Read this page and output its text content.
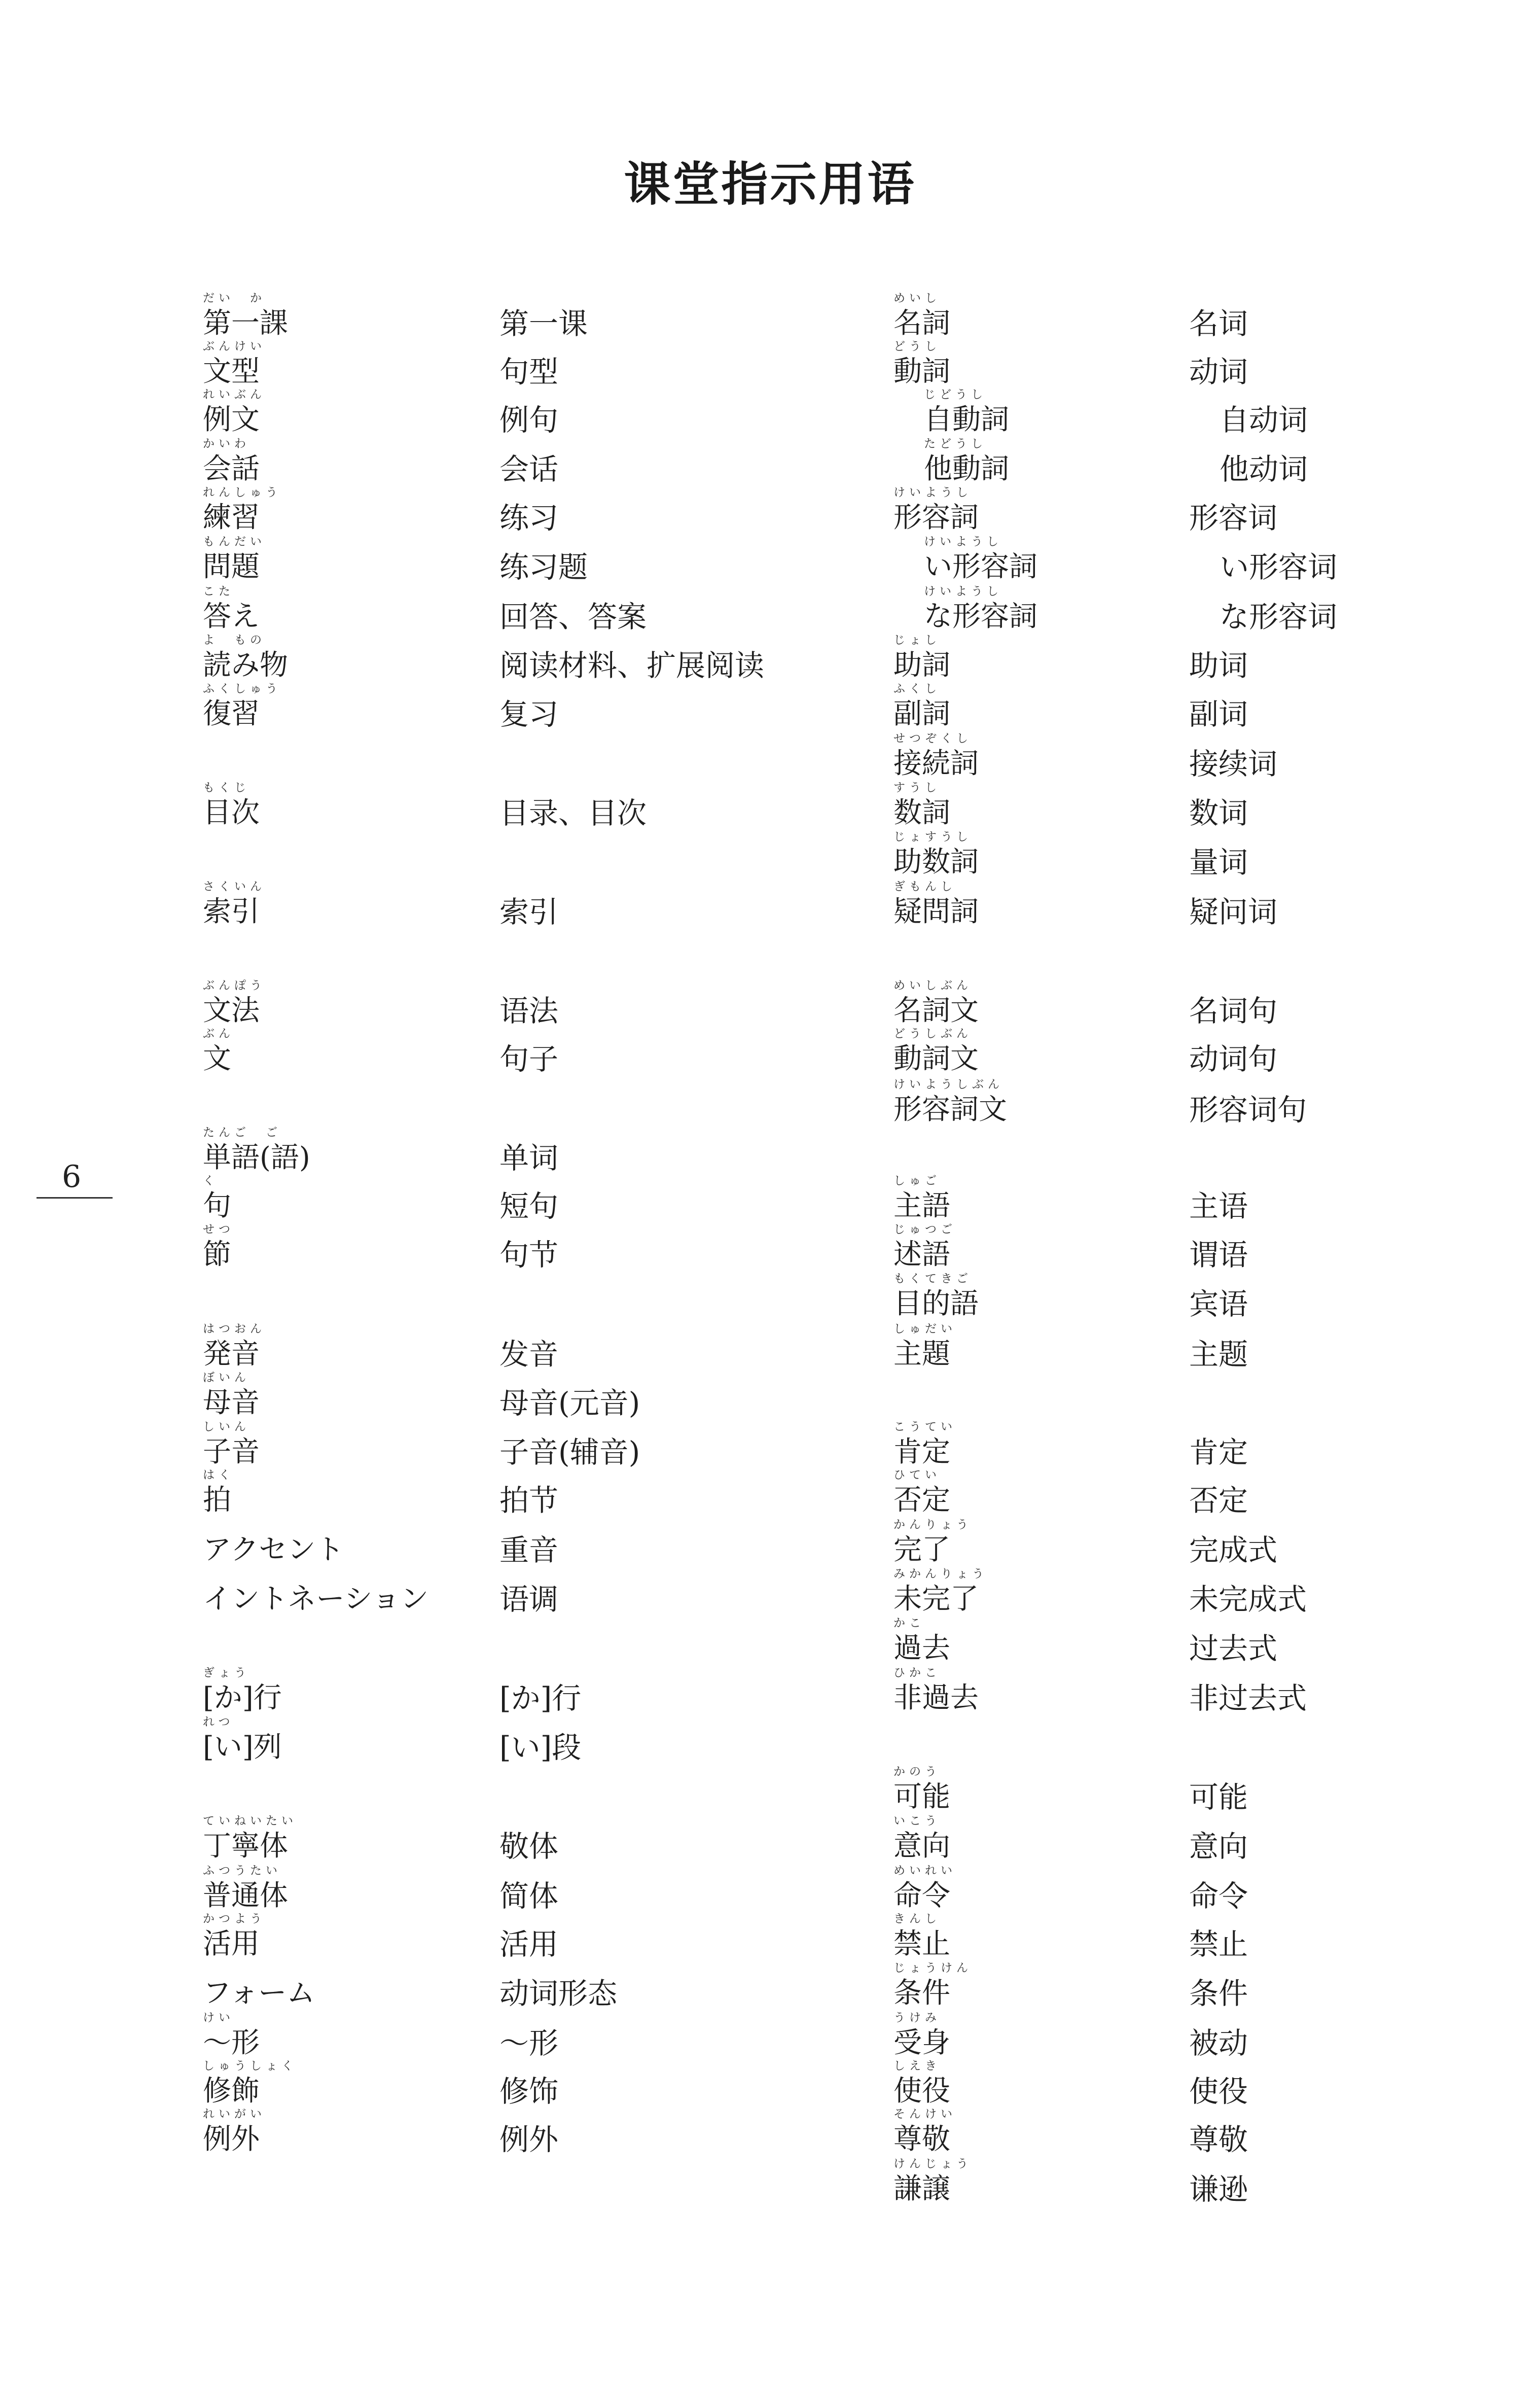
课堂指示用语
だい　か
第一課
ぶんけい
文型
れいぶん
例文
かいわ
会話
れんしゅう
練習
もんだい
問題
こた
答え
よ　もの
読み物
ふくしゅう
復習
もくじ
目次
さくいん
索引
ぶんぽう
文法
ぶん
文
たんご　ご
単語(語)
く
句
せつ
節
はつおん
発音
ぼいん
母音
しいん
子音
はく
拍
アクセント
イントネーション
ぎょう
[か]行
れつ
[い]列
ていねいたい
丁寧体
ふつうたい
普通体
かつよう
活用
フォーム
けい
〜形
しゅうしょく
修飾
れいがい
例外
第一课
句型
例句
会话
练习
练习题
回答、答案
阅读材料、扩展阅读
复习
目录、目次
索引
语法
句子
单词
短句
句节
发音
母音(元音)
子音(辅音)
拍节
重音
语调
[か]行
[い]段
敬体
简体
活用
动词形态
〜形
修饰
例外
めいし
名詞
どうし
動詞
じどうし
自動詞
たどうし
他動詞
けいようし
形容詞
けいようし
い形容詞
けいようし
な形容詞
じょし
助詞
ふくし
副詞
せつぞくし
接続詞
すうし
数詞
じょすうし
助数詞
ぎもんし
疑問詞
めいしぶん
名詞文
どうしぶん
動詞文
けいようしぶん
形容詞文
しゅご
主語
じゅつご
述語
もくてきご
目的語
しゅだい
主題
こうてい
肯定
ひてい
否定
かんりょう
完了
みかんりょう
未完了
かこ
過去
ひかこ
非過去
かのう
可能
いこう
意向
めいれい
命令
きんし
禁止
じょうけん
条件
うけみ
受身
しえき
使役
そんけい
尊敬
けんじょう
謙譲
名词
动词
自动词
他动词
形容词
い形容词
な形容词
助词
副词
接续词
数词
量词
疑问词
名词句
动词句
形容词句
主语
谓语
宾语
主题
肯定
否定
完成式
未完成式
过去式
非过去式
可能
意向
命令
禁止
条件
被动
使役
尊敬
谦逊
6
